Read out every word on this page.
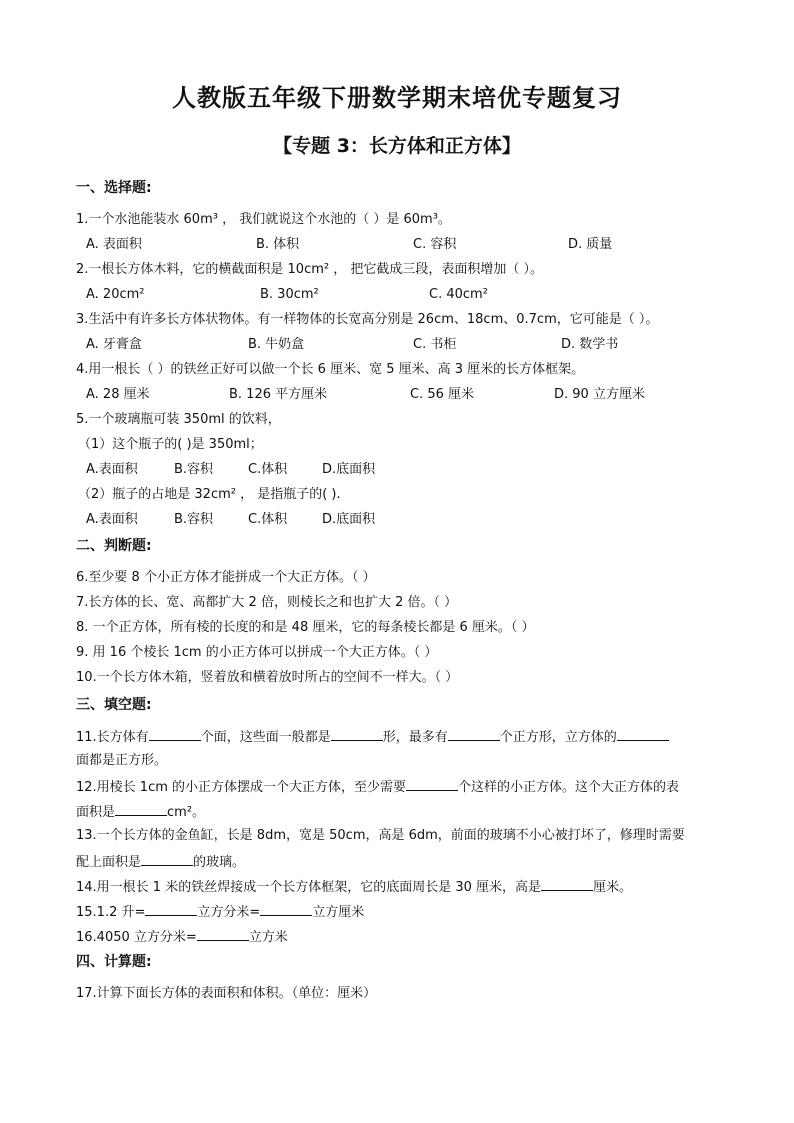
人教版五年级下册数学期末培优专题复习
【专题 3：长方体和正方体】
一、选择题:
1.一个水池能装水 60m³ ， 我们就说这个水池的（ ）是 60m³。
A. 表面积	B. 体积	C. 容积	D. 质量
2.一根长方体木料，它的横截面积是 10cm² ， 把它截成三段，表面积增加（ ）。
A. 20cm²	B. 30cm²	C. 40cm²
3.生活中有许多长方体状物体。有一样物体的长宽高分别是 26cm、18cm、0.7cm，它可能是（ ）。
A. 牙膏盒	B. 牛奶盒	C. 书柜	D. 数学书
4.用一根长（ ）的铁丝正好可以做一个长 6 厘米、宽 5 厘米、高 3 厘米的长方体框架。
A. 28 厘米	B. 126 平方厘米	C. 56 厘米	D. 90 立方厘米
5.一个玻璃瓶可装 350ml 的饮料，
（1）这个瓶子的( )是 350ml；
A.表面积	B.容积	C.体积	D.底面积
（2）瓶子的占地是 32cm² ， 是指瓶子的( ).
A.表面积	B.容积	C.体积	D.底面积
二、判断题:
6.至少要 8 个小正方体才能拼成一个大正方体。（ ）
7.长方体的长、宽、高都扩大 2 倍，则棱长之和也扩大 2 倍。（ ）
8. 一个正方体，所有棱的长度的和是 48 厘米，它的每条棱长都是 6 厘米。（ ）
9. 用 16 个棱长 1cm 的小正方体可以拼成一个大正方体。（ ）
10.一个长方体木箱，竖着放和横着放时所占的空间不一样大。（ ）
三、填空题:
11.长方体有	个面，这些面一般都是	形，最多有	个正方形，立方体的
面都是正方形。
12.用棱长 1cm 的小正方体摆成一个大正方体，至少需要	个这样的小正方体。这个大正方体的表
面积是	cm²。
13.一个长方体的金鱼缸，长是 8dm，宽是 50cm，高是 6dm，前面的玻璃不小心被打坏了，修理时需要
配上面积是	的玻璃。
14.用一根长 1 米的铁丝焊接成一个长方体框架，它的底面周长是 30 厘米，高是	厘米。
15.1.2 升=	立方分米=	立方厘米
16.4050 立方分米=	立方米
四、计算题:
17.计算下面长方体的表面积和体积。（单位：厘米）
